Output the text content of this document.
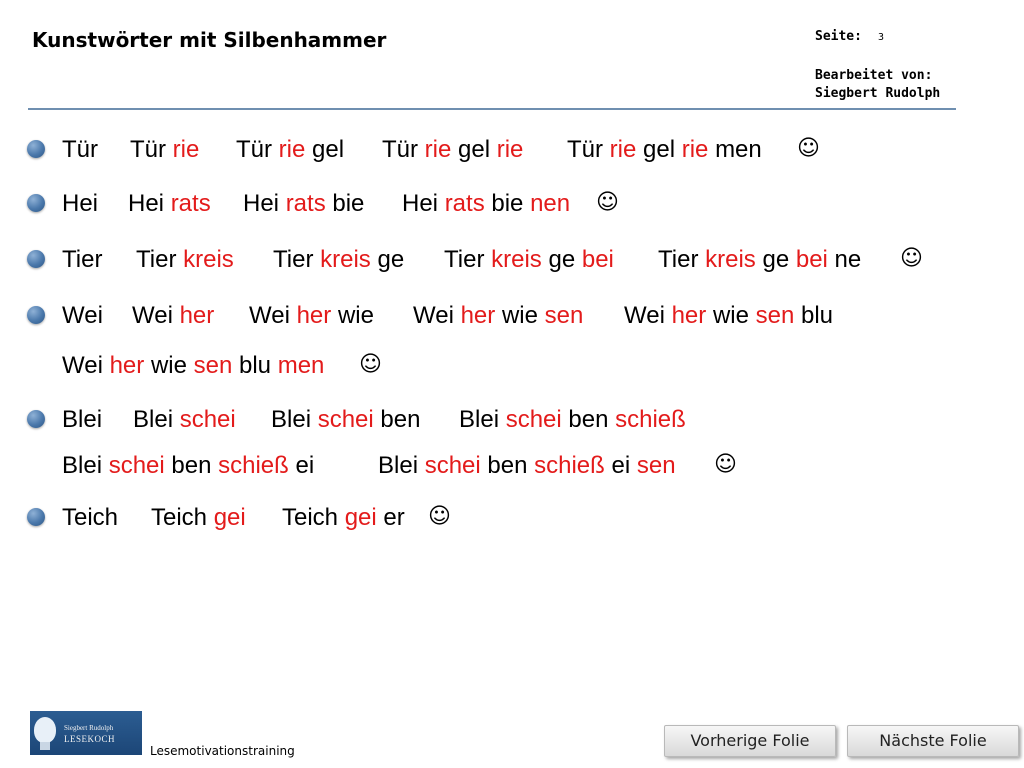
Kunstwörter mit Silbenhammer	Seite: 3
Bearbeitet von:
Siegbert Rudolph
Tür Tür rie Tür rie gel Tür rie gel rie Tür rie gel rie men ☺
Hei Hei rats Hei rats bie Hei rats bie nen ☺
Tier Tier kreis Tier kreis ge Tier kreis ge bei Tier kreis ge bei ne ☺
Wei Wei her Wei her wie Wei her wie sen Wei her wie sen blu
Wei her wie sen blu men ☺
Blei Blei schei Blei schei ben Blei schei ben schieß
Blei schei ben schieß ei	Blei schei ben schieß ei sen ☺
Teich Teich gei Teich gei er ☺
Siegbert Rudolph
LESEKOCH
Lesemotivationstraining
Vorherige Folie	Nächste Folie
